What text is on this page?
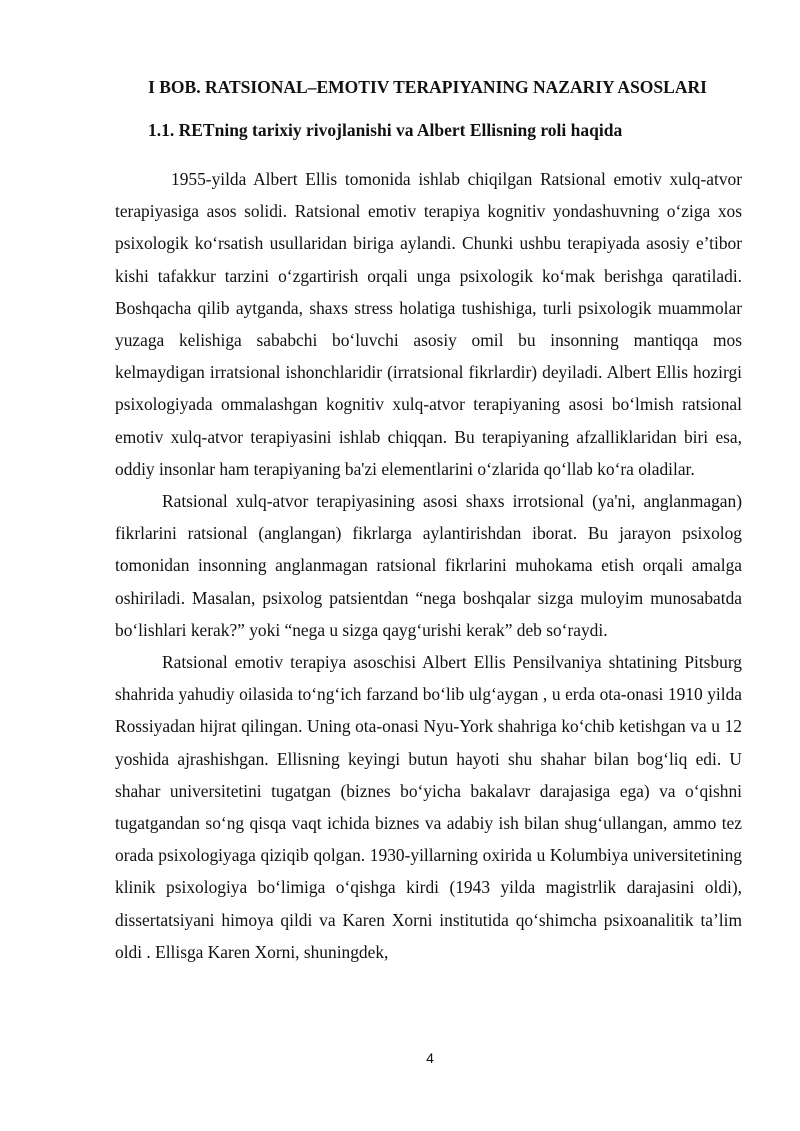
I BOB. RATSIONAL–EMOTIV TERAPIYANING NAZARIY ASOSLARI
1.1. RETning tarixiy rivojlanishi va Albert Ellisning roli haqida

1955-yilda Albert Ellis tomonida ishlab chiqilgan Ratsional emotiv xulq-atvor terapiyasiga asos solidi. Ratsional emotiv terapiya kognitiv yondashuvning o‘ziga xos psixologik ko‘rsatish usullaridan biriga aylandi. Chunki ushbu terapiyada asosiy e’tibor kishi tafakkur tarzini o‘zgartirish orqali unga psixologik ko‘mak berishga qaratiladi. Boshqacha qilib aytganda, shaxs stress holatiga tushishiga, turli psixologik muammolar yuzaga kelishiga sababchi bo‘luvchi asosiy omil bu insonning mantiqqa mos kelmaydigan irratsional ishonchlaridir (irratsional fikrlardir) deyiladi. Albert Ellis hozirgi psixologiyada ommalashgan kognitiv xulq-atvor terapiyaning asosi bo‘lmish ratsional emotiv xulq-atvor terapiyasini ishlab chiqqan. Bu terapiyaning afzalliklaridan biri esa, oddiy insonlar ham terapiyaning ba'zi elementlarini o‘zlarida qo‘llab ko‘ra oladilar.

Ratsional xulq-atvor terapiyasining asosi shaxs irrotsional (ya'ni, anglanmagan) fikrlarini ratsional (anglangan) fikrlarga aylantirishdan iborat. Bu jarayon psixolog tomonidan insonning anglanmagan ratsional fikrlarini muhokama etish orqali amalga oshiriladi. Masalan, psixolog patsientdan “nega boshqalar sizga muloyim munosabatda bo‘lishlari kerak?” yoki “nega u sizga qayg‘urishi kerak” deb so‘raydi.

Ratsional emotiv terapiya asoschisi Albert Ellis Pensilvaniya shtatining Pitsburg shahrida yahudiy oilasida to‘ng‘ich farzand bo‘lib ulg‘aygan , u erda ota-onasi 1910 yilda Rossiyadan hijrat qilingan. Uning ota-onasi Nyu-York shahriga ko‘chib ketishgan va u 12 yoshida ajrashishgan. Ellisning keyingi butun hayoti shu shahar bilan bog‘liq edi. U shahar universitetini tugatgan (biznes bo‘yicha bakalavr darajasiga ega) va o‘qishni tugatgandan so‘ng qisqa vaqt ichida biznes va adabiy ish bilan shug‘ullangan, ammo tez orada psixologiyaga qiziqib qolgan. 1930-yillarning oxirida u Kolumbiya universitetining klinik psixologiya bo‘limiga o‘qishga kirdi (1943 yilda magistrlik darajasini oldi), dissertatsiyani himoya qildi va Karen Xorni institutida qo‘shimcha psixoanalitik ta’lim oldi . Ellisga Karen Xorni, shuningdek,

4
